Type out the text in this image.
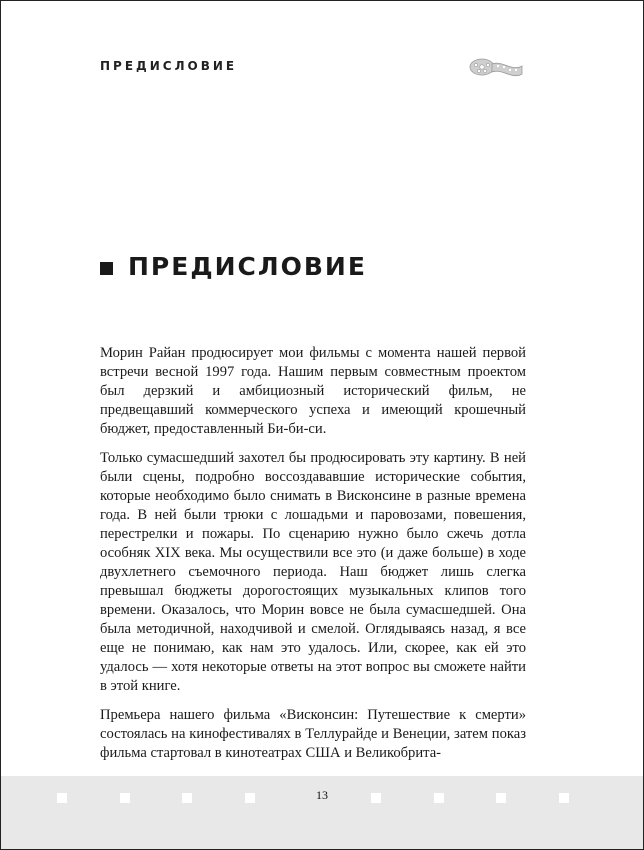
ПРЕДИСЛОВИЕ
ПРЕДИСЛОВИЕ

Морин Райан продюсирует мои фильмы с момента нашей первой встречи весной 1997 года. Нашим первым совместным проектом был дерзкий и амбициозный исторический фильм, не предвещавший коммерческого успеха и имеющий крошечный бюджет, предоставленный Би-би-си.

Только сумасшедший захотел бы продюсировать эту картину. В ней были сцены, подробно воссоздававшие исторические события, которые необходимо было снимать в Висконсине в разные времена года. В ней были трюки с лошадьми и паровозами, повешения, перестрелки и пожары. По сценарию нужно было сжечь дотла особняк XIX века. Мы осуществили все это (и даже больше) в ходе двухлетнего съемочного периода. Наш бюджет лишь слегка превышал бюджеты дорогостоящих музыкальных клипов того времени. Оказалось, что Морин вовсе не была сумасшедшей. Она была методичной, находчивой и смелой. Оглядываясь назад, я все еще не понимаю, как нам это удалось. Или, скорее, как ей это удалось — хотя некоторые ответы на этот вопрос вы сможете найти в этой книге.

Премьера нашего фильма «Висконсин: Путешествие к смерти» состоялась на кинофестивалях в Теллурайде и Венеции, затем показ фильма стартовал в кинотеатрах США и Великобрита-

13
